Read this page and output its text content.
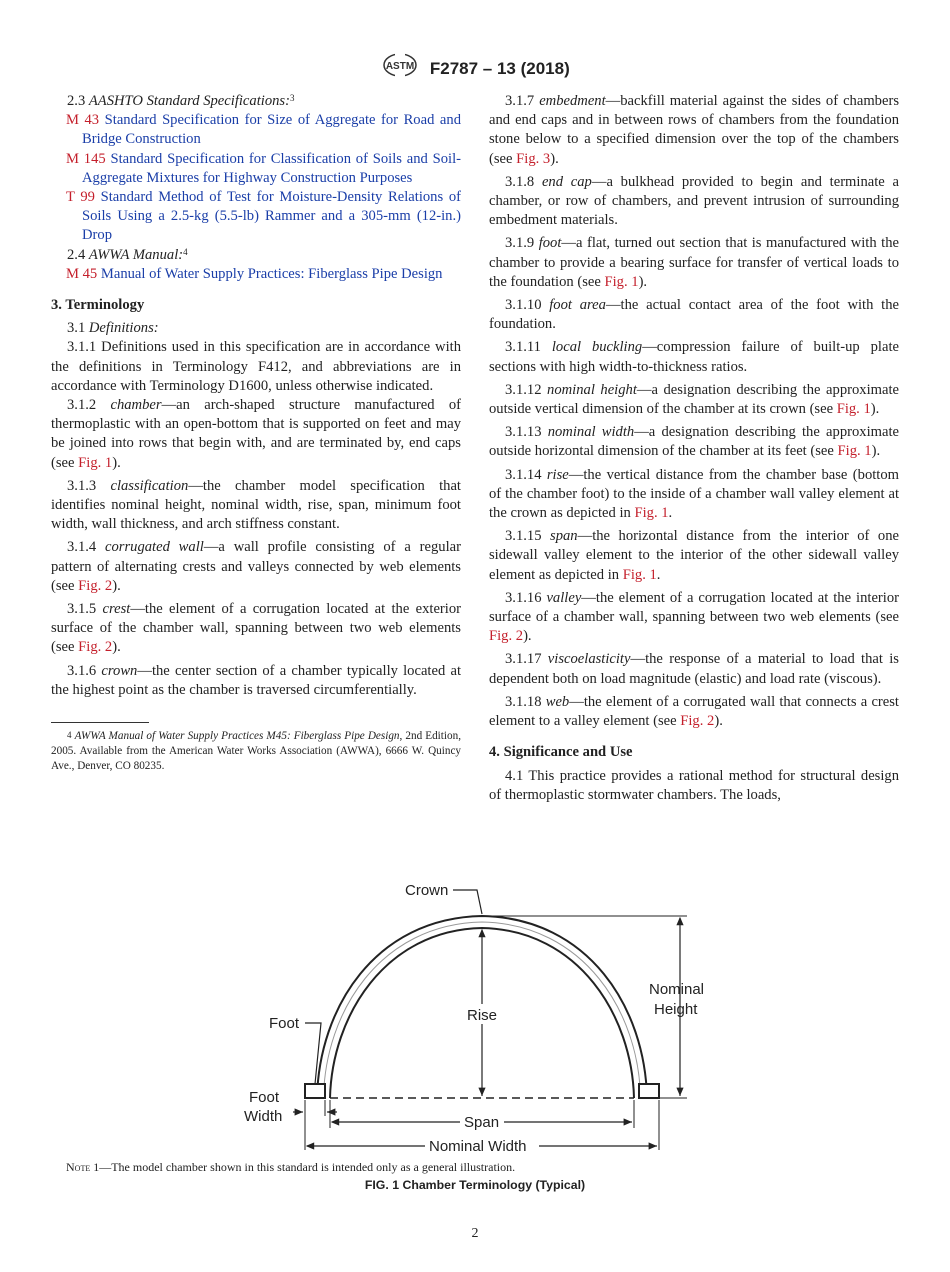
ASTM F2787 – 13 (2018)

2.3 AASHTO Standard Specifications:$^3$

M 43 Standard Specification for Size of Aggregate for Road and Bridge Construction
M 145 Standard Specification for Classification of Soils and Soil-Aggregate Mixtures for Highway Construction Purposes
T 99 Standard Method of Test for Moisture-Density Relations of Soils Using a 2.5-kg (5.5-lb) Rammer and a 305-mm (12-in.) Drop

2.4 AWWA Manual:$^4$

M 45 Manual of Water Supply Practices: Fiberglass Pipe Design

3. Terminology

3.1 Definitions:

3.1.1 Definitions used in this specification are in accordance with the definitions in Terminology F412, and abbreviations are in accordance with Terminology D1600, unless otherwise indicated.

3.1.2 chamber—an arch-shaped structure manufactured of thermoplastic with an open-bottom that is supported on feet and may be joined into rows that begin with, and are terminated by, end caps (see Fig. 1).

3.1.3 classification—the chamber model specification that identifies nominal height, nominal width, rise, span, minimum foot width, wall thickness, and arch stiffness constant.

3.1.4 corrugated wall—a wall profile consisting of a regular pattern of alternating crests and valleys connected by web elements (see Fig. 2).

3.1.5 crest—the element of a corrugation located at the exterior surface of the chamber wall, spanning between two web elements (see Fig. 2).

3.1.6 crown—the center section of a chamber typically located at the highest point as the chamber is traversed circumferentially.

$^4$ AWWA Manual of Water Supply Practices M45: Fiberglass Pipe Design, 2nd Edition, 2005. Available from the American Water Works Association (AWWA), 6666 W. Quincy Ave., Denver, CO 80235.

3.1.7 embedment—backfill material against the sides of chambers and end caps and in between rows of chambers from the foundation stone below to a specified dimension over the top of the chambers (see Fig. 3).

3.1.8 end cap—a bulkhead provided to begin and terminate a chamber, or row of chambers, and prevent intrusion of surrounding embedment materials.

3.1.9 foot—a flat, turned out section that is manufactured with the chamber to provide a bearing surface for transfer of vertical loads to the foundation (see Fig. 1).

3.1.10 foot area—the actual contact area of the foot with the foundation.

3.1.11 local buckling—compression failure of built-up plate sections with high width-to-thickness ratios.

3.1.12 nominal height—a designation describing the approximate outside vertical dimension of the chamber at its crown (see Fig. 1).

3.1.13 nominal width—a designation describing the approximate outside horizontal dimension of the chamber at its feet (see Fig. 1).

3.1.14 rise—the vertical distance from the chamber base (bottom of the chamber foot) to the inside of a chamber wall valley element at the crown as depicted in Fig. 1.

3.1.15 span—the horizontal distance from the interior of one sidewall valley element to the interior of the other sidewall valley element as depicted in Fig. 1.

3.1.16 valley—the element of a corrugation located at the interior surface of a chamber wall, spanning between two web elements (see Fig. 2).

3.1.17 viscoelasticity—the response of a material to load that is dependent both on load magnitude (elastic) and load rate (viscous).

3.1.18 web—the element of a corrugated wall that connects a crest element to a valley element (see Fig. 2).

4. Significance and Use

4.1 This practice provides a rational method for structural design of thermoplastic stormwater chambers. The loads,

Crown
Nominal
Height
Rise
Foot
Foot
Width	Span
Nominal Width

Note 1—The model chamber shown in this standard is intended only as a general illustration.

FIG. 1 Chamber Terminology (Typical)

2
